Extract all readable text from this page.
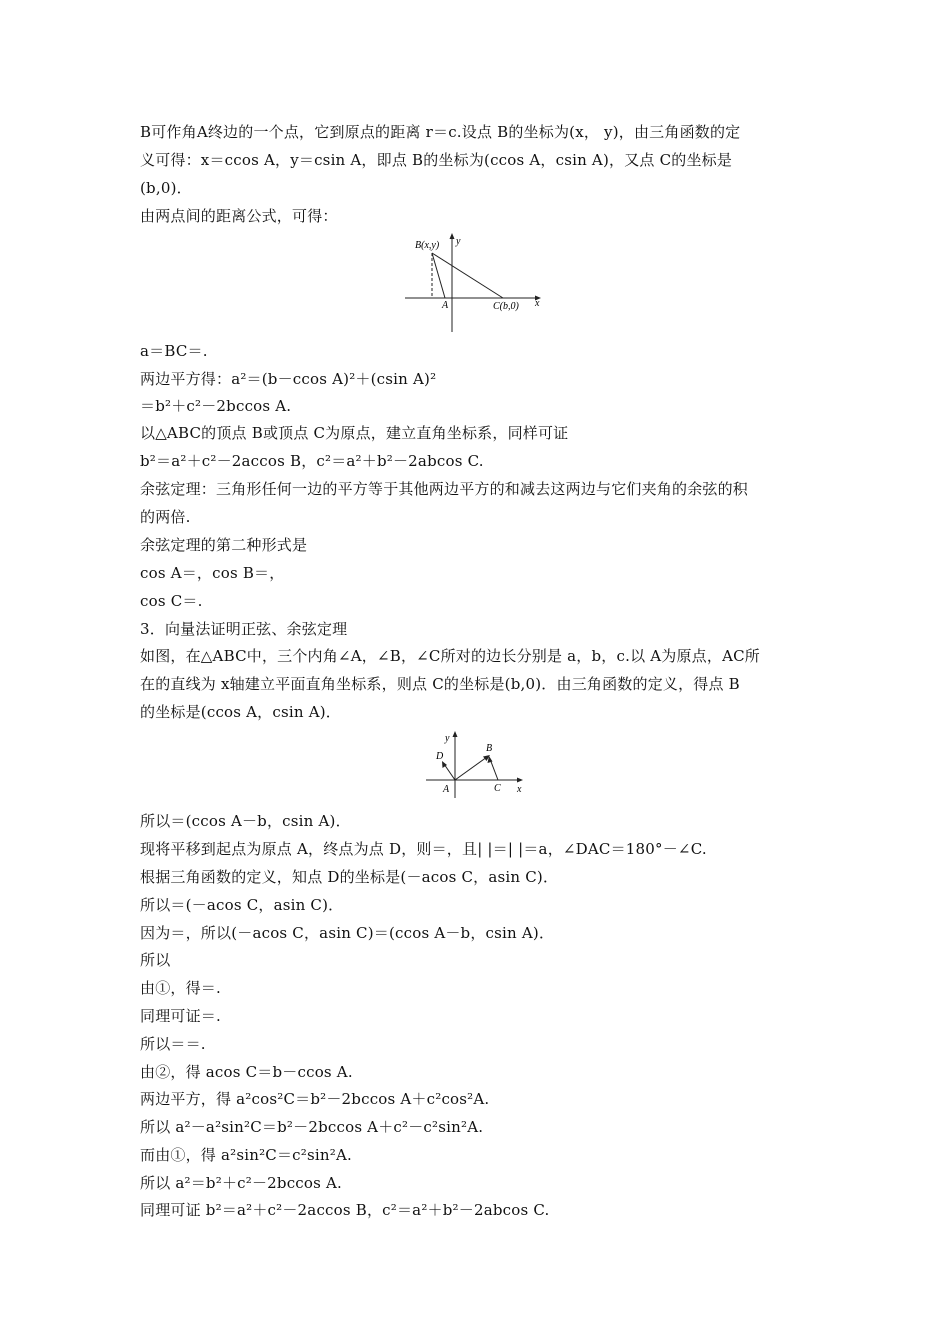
B可作角A终边的一个点，它到原点的距离 r＝c.设点 B的坐标为(x， y)，由三角函数的定
义可得：x＝ccos A，y＝csin A，即点 B的坐标为(ccos A，csin A)，又点 C的坐标是
(b,0)．
由两点间的距离公式，可得：
B(x,y)
A	C(b,0) x
y
a＝BC＝.
两边平方得：a²＝(b－ccos A)²＋(csin A)²
＝b²＋c²－2bccos A.
以△ABC的顶点 B或顶点 C为原点，建立直角坐标系，同样可证
b²＝a²＋c²－2accos B，c²＝a²＋b²－2abcos C.
余弦定理：三角形任何一边的平方等于其他两边平方的和减去这两边与它们夹角的余弦的积
的两倍.
余弦定理的第二种形式是
cos A＝，cos B＝，
cos C＝.
3．向量法证明正弦、余弦定理
如图，在△ABC中，三个内角∠A，∠B，∠C所对的边长分别是 a，b，c.以 A为原点，AC所
在的直线为 x轴建立平面直角坐标系，则点 C的坐标是(b,0)．由三角函数的定义，得点 B
的坐标是(ccos A，csin A)．
D
B
A	C x
y
所以＝(ccos A－b，csin A)．
现将平移到起点为原点 A，终点为点 D，则＝，且| |＝| |＝a，∠DAC＝180°－∠C.
根据三角函数的定义，知点 D的坐标是(－acos C，asin C)．
所以＝(－acos C，asin C)．
因为＝，所以(－acos C，asin C)＝(ccos A－b，csin A)．
所以
由①，得＝.
同理可证＝.
所以＝＝.
由②，得 acos C＝b－ccos A.
两边平方，得 a²cos²C＝b²－2bccos A＋c²cos²A.
所以 a²－a²sin²C＝b²－2bccos A＋c²－c²sin²A.
而由①，得 a²sin²C＝c²sin²A.
所以 a²＝b²＋c²－2bccos A.
同理可证 b²＝a²＋c²－2accos B，c²＝a²＋b²－2abcos C.
